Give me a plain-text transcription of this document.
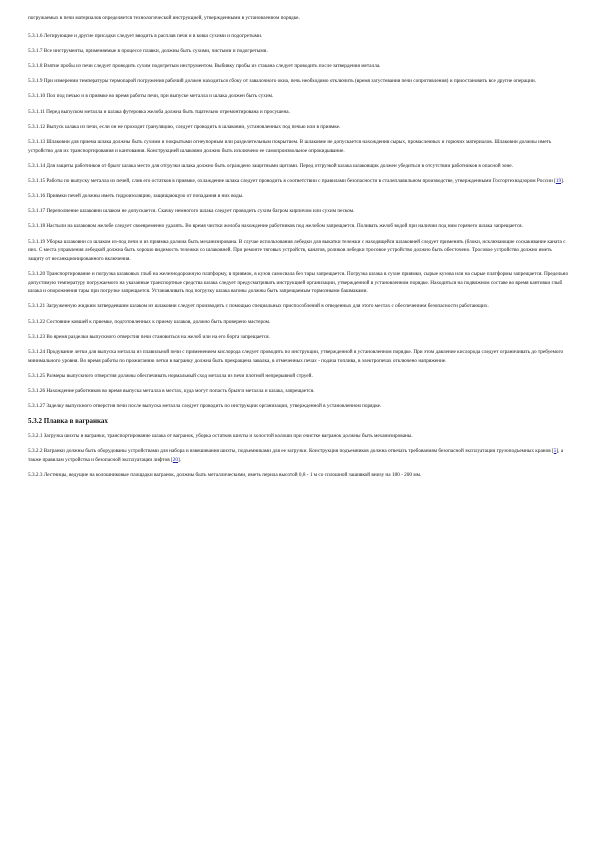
погружаемых в печи материалов определяется технологической инструкцией, утвержденными в установленном порядке.

5.3.1.6 Легирующие и другие присадки следует вводить в расплав печи и в ковш сухими и подогретыми.

5.3.1.7 Все инструменты, применяемые в процессе плавки, должны быть сухими, чистыми и подогретыми.

5.3.1.8 Взятие пробы из печи следует проводить сухим подогретым инструментом. Выбивку пробы из стакана следует проводить после затвердения металла.

5.3.1.9 При измерении температуры термопарой погружения рабочий должен находиться сбоку от завалочного окна, печь необходимо отключить (время загустевания печи сопротивления) и приостановить все другие операции.

5.3.1.10 Пол под печью и в приямке во время работы печи, при выпуске металла и шлака должен быть сухим.

5.3.1.11 Перед выпуском металла и шлака футеровка желоба должна быть тщательно отремонтирована и просушена.

5.3.1.12 Выпуск шлака из печи, если он не проходит грануляцию, следует проводить в шлаковни, установленных под печью или в приямке.

5.3.1.13 Шлаковни для приема шлака должны быть сухими и покрытыми огнеупорным или разделительным покрытием. В шлаковне не допускается нахождения сырых, промасленных и горючих материалов. Шлаковни должны иметь устройство для их транспортирования и кантования. Конструкцией шлаковни должно быть исключено ее самопроизвольное опрокидывание.

5.3.1.14 Для защиты работников от брызг шлака место для отгрузки шлака должно быть ограждено защитными щитами. Перед отгрузкой шлака шлаковщик должен убедиться в отсутствии работников в опасной зоне.

5.3.1.15 Работы по выпуску металла из печей, слив его остатков в приямке, охлаждение шлака следует проводить в соответствии с правилами безопасности в сталеплавильном производстве, утвержденными Госгортехнадзором России [19].

5.3.1.16 Приямки печей должны иметь гидроизоляцию, защищающую от попадания в них воды.

5.3.1.17 Переполнение шлаковни шлаком не допускается. Скачку немногого шлака следует проводить сухим багром кирпичом или сухим песком.

5.3.1.18 Настыли на шлаковом желобе следует своевременно удалять. Во время чистки желоба нахождение работников под желобом запрещается. Поливать желоб водой при наличии под ним горячего шлака запрещается.

5.3.1.19 Уборка шлаковни со шлаком из-под печи и из приямка должна быть механизирована. В случае использования лебедки для выкатки тележки с находящейся шлаковней следует применять (блоки, исключающие соскакивание каната с них. С места управления лебедкой должна быть хорошо видимость тележки со шлаковней. При ремонте тяговых устройств, канатов, роликов лебедки тросовое устройство должно быть обесточено. Тросовое устройство должно иметь защиту от несанкционированного включения.

5.3.1.20 Транспортирование и погрузка шлаковых глыб на железнодорожную платформу, в приямок, в кузов самосвала без тары запрещается. Погрузка шлака в сухие приямки, сырые кузова или на сырые платформы запрещается. Предельно допустимую температуру погружаемого на указанные транспортные средства шлака следует предусматривать инструкцией организации, утвержденной в установленном порядке. Находиться на подвижном составе во время кантовки глыб шлака и опорожнения тары при погрузке запрещается. Устанавливать под погрузку шлака вагоны должны быть запрещаемым тормозными башмаками.

5.3.1.21 Загруженную жидким затвердевшим шлаком из шлаковни следует производить с помощью специальных приспособлений в отведенных для этого местах с обеспечением безопасности работающих.

5.3.1.22 Состояние ковшей к приемке, подготовленных к приему шлаков, должно быть проверено мастером.

5.3.1.23 Во время разделки выпускного отверстия печи становиться на желоб или на его борта запрещается.

5.3.1.24 Продувание летки для выпуска металла из плавильной печи с применением кислорода следует проводить по инструкции, утвержденной в установленном порядке. При этом давление кислорода следует ограничивать до требуемого минимального уровня. Во время работы по прожиганию летки в вагранку должна быть прекращена завалка, в отмеченных печах - подача топлива, в электропечах отключено напряжение.

5.3.1.25 Размеры выпускного отверстия должны обеспечивать нормальный сход металла из печи плотной непрерывной струей.

5.3.1.26 Нахождение работников во время выпуска металла в местах, куда могут попасть брызги металла и шлака, запрещается.

5.3.1.27 Заделку выпускного отверстия печи после выпуска металла следует проводить по инструкции организации, утвержденной в установленном порядке.

5.3.2 Плавка в вагранках

5.3.2.1 Загрузка шихты в вагранки, транспортирование шлака от вагранок, уборка остатков шихты и холостой колоши при очистке вагранок должны быть механизированы.

5.3.2.2 Вагранки должны быть оборудованы устройствами для набора и взвешивания шихты, подъемниками для ее загрузки. Конструкция подъемников должна отвечать требованиям безопасной эксплуатации грузоподъемных кранов [5], а также правилам устройства и безопасной эксплуатации лифтов [20].

5.3.2.3 Лестницы, ведущие на колошниковые площадки вагранок, должны быть металлическими, иметь перила высотой 0,8 - 1 м со сплошной зашивкой внизу на 180 - 200 мм.
